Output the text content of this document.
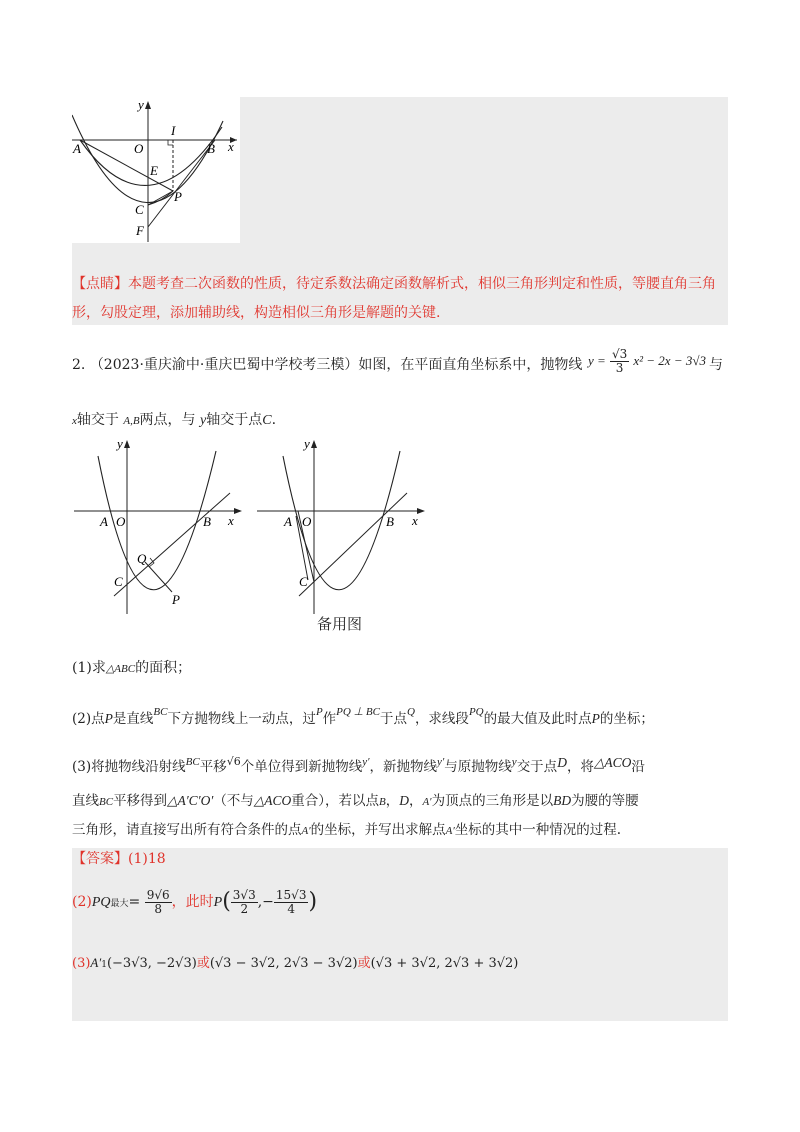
y
x
I
A	O	B
E
P
C
F
【点睛】本题考查二次函数的性质，待定系数法确定函数解析式，相似三角形判定和性质，等腰直角三角
形，勾股定理，添加辅助线，构造相似三角形是解题的关键.
2. （2023·重庆渝中·重庆巴蜀中学校考三模）如图，在平面直角坐标系中，抛物线 $y = \frac{√3}{3} x^2 - 2x - 3√3$ 与
x轴交于 A,B两点，与 y轴交于点C.
y
x
A O	B
Q
C
P
y
x
A O	B
C
备用图
(1)求△ABC的面积；
(2)点P是直线$^{BC}$下方抛物线上一动点，过$^P$作$^{PQ \perp BC}$于点$^Q$，求线段$^{PQ}$的最大值及此时点P的坐标；
(3)将抛物线沿射线$^{BC}$平移$^{√6}$个单位得到新抛物线$^{y'}$，新抛物线$^{y'}$与原抛物线$^y$交于点D，将△ACO沿
直线BC平移得到△A′C′O′（不与△ACO重合），若以点B，D，A′为顶点的三角形是以BD为腰的等腰
三角形，请直接写出所有符合条件的点A′的坐标，并写出求解点A′坐标的其中一种情况的过程.
【答案】(1)18
(2)PQ最大= $\frac{9√6}{8}$ ，此时$P( \frac{3√3}{2}$ ,− $\frac{15√3}{4}$ )
(3)A′1(−3√3, −2√3)或(√3 − 3√2, 2√3 − 3√2)或(√3 + 3√2, 2√3 + 3√2)
